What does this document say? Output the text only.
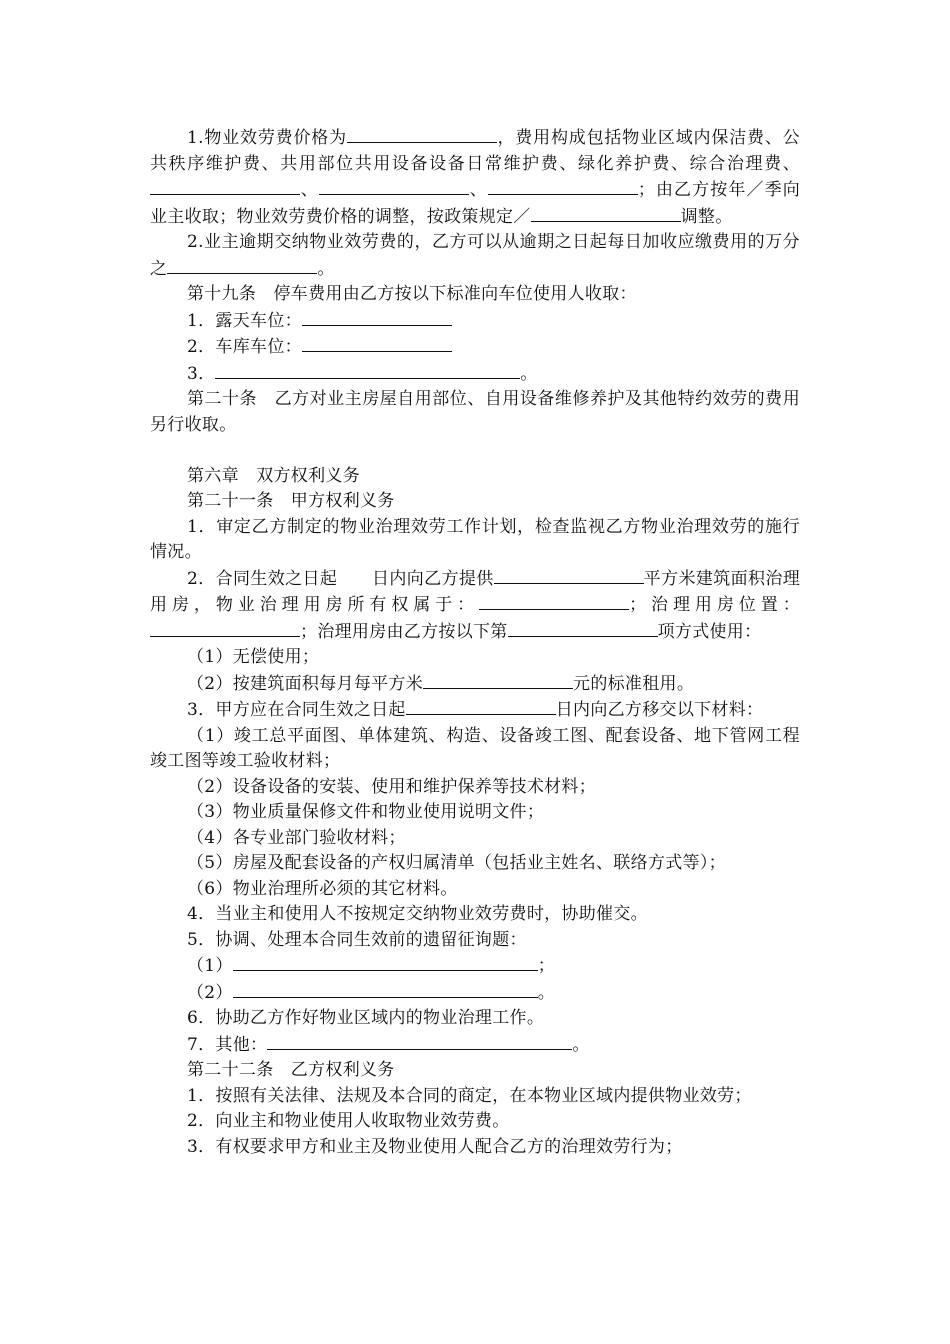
1.物业效劳费价格为	，费用构成包括物业区域内保洁费、公共秩序维护费、共用部位共用设备设备日常维护费、绿化养护费、综合治理费、、	、	；由乙方按年／季向业主收取；物业效劳费价格的调整，按政策规定／	调整。

2.业主逾期交纳物业效劳费的，乙方可以从逾期之日起每日加收应缴费用的万分之	。

第十九条　停车费用由乙方按以下标准向车位使用人收取：

1．露天车位：

2．车库车位：

3．	。

第二十条　乙方对业主房屋自用部位、自用设备维修养护及其他特约效劳的费用另行收取。

第六章　双方权利义务

第二十一条　甲方权利义务

1．审定乙方制定的物业治理效劳工作计划，检查监视乙方物业治理效劳的施行情况。

2．合同生效之日起　　日内向乙方提供	平方米建筑面积治理用房，物业治理用房所有权属于：	；治理用房位置：；治理用房由乙方按以下第	项方式使用：

（1）无偿使用；

（2）按建筑面积每月每平方米	元的标准租用。

3．甲方应在合同生效之日起	日内向乙方移交以下材料：

（1）竣工总平面图、单体建筑、构造、设备竣工图、配套设备、地下管网工程竣工图等竣工验收材料；

（2）设备设备的安装、使用和维护保养等技术材料；

（3）物业质量保修文件和物业使用说明文件；

（4）各专业部门验收材料；

（5）房屋及配套设备的产权归属清单（包括业主姓名、联络方式等）；

（6）物业治理所必须的其它材料。

4．当业主和使用人不按规定交纳物业效劳费时，协助催交。

5．协调、处理本合同生效前的遗留征询题：

（1）	；

（2）	。

6．协助乙方作好物业区域内的物业治理工作。

7．其他：	。

第二十二条　乙方权利义务

1．按照有关法律、法规及本合同的商定，在本物业区域内提供物业效劳；

2．向业主和物业使用人收取物业效劳费。

3．有权要求甲方和业主及物业使用人配合乙方的治理效劳行为；
